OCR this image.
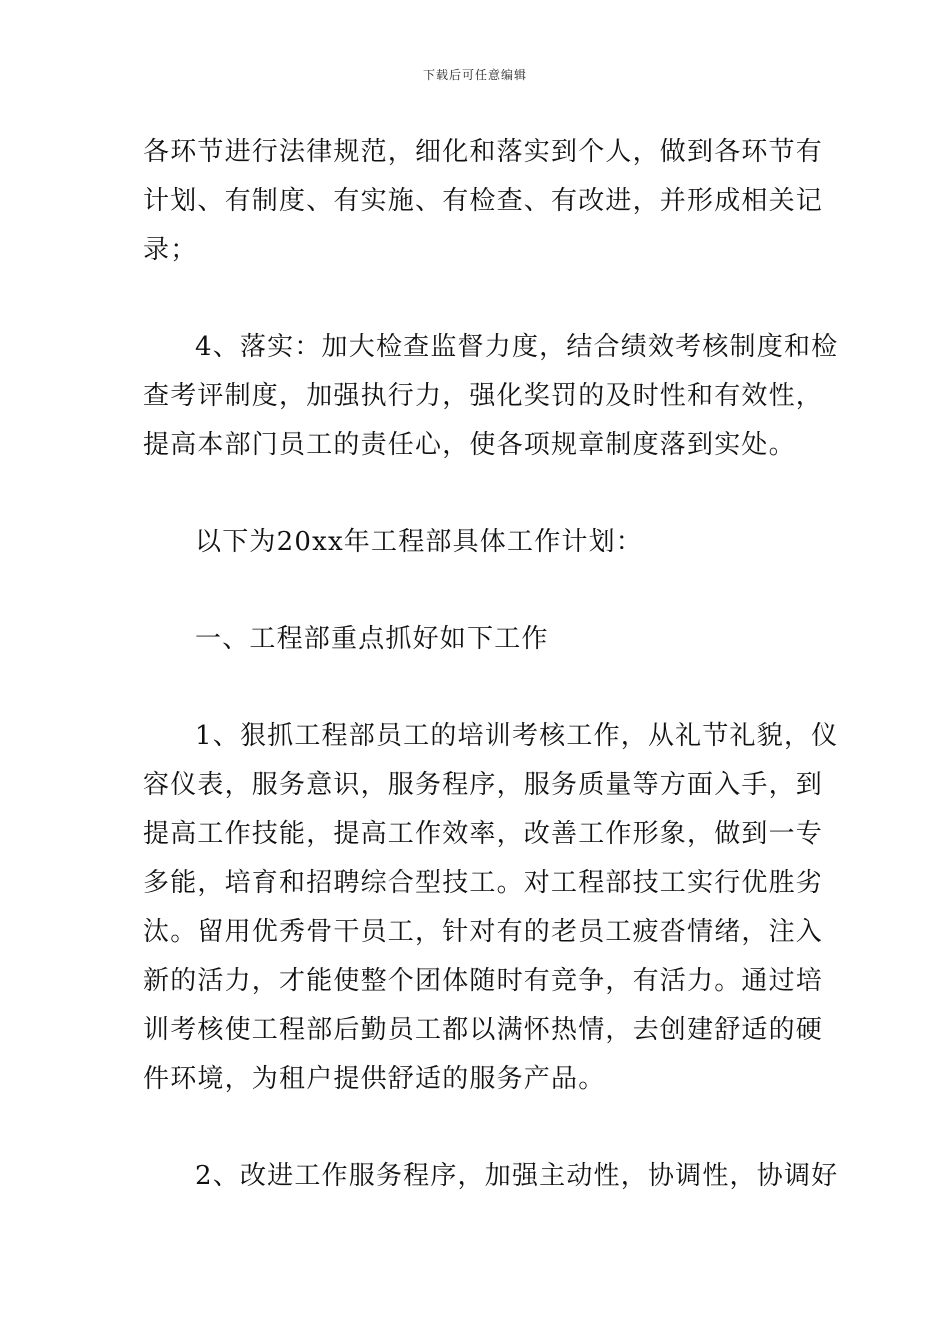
下载后可任意编辑
各环节进行法律规范，细化和落实到个人，做到各环节有
计划、有制度、有实施、有检查、有改进，并形成相关记
录；
4、落实：加大检查监督力度，结合绩效考核制度和检
查考评制度，加强执行力，强化奖罚的及时性和有效性，
提高本部门员工的责任心，使各项规章制度落到实处。
以下为20xx年工程部具体工作计划：
一、工程部重点抓好如下工作
1、狠抓工程部员工的培训考核工作，从礼节礼貌，仪
容仪表，服务意识，服务程序，服务质量等方面入手，到
提高工作技能，提高工作效率，改善工作形象，做到一专
多能，培育和招聘综合型技工。对工程部技工实行优胜劣
汰。留用优秀骨干员工，针对有的老员工疲沓情绪，注入
新的活力，才能使整个团体随时有竞争，有活力。通过培
训考核使工程部后勤员工都以满怀热情，去创建舒适的硬
件环境，为租户提供舒适的服务产品。
2、改进工作服务程序，加强主动性，协调性，协调好
